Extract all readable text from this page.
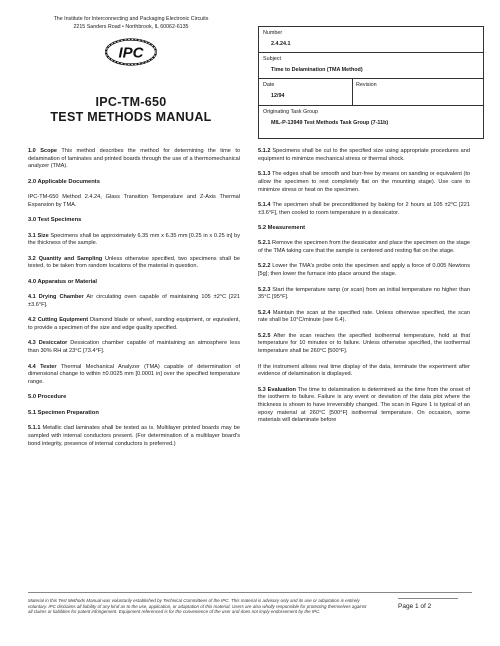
The Institute for Interconnecting and Packaging Electronic Circuits
2215 Sanders Road • Northbrook, IL 60062-6135
IPC
IPC-TM-650
TEST METHODS MANUAL
Number
2.4.24.1
Subject
Time to Delamination (TMA Method)
Date
12/94
Revision
Originating Task Group
MIL-P-13949 Test Methods Task Group (7-11b)

1.0 Scope This method describes the method for determining the time to delamination of laminates and printed boards through the use of a thermomechanical analyzer (TMA).

2.0 Applicable Documents

IPC-TM-650 Method 2.4.24, Glass Transition Temperature and Z-Axis Thermal Expansion by TMA.

3.0 Test Specimens

3.1 Size Specimens shall be approximately 6.35 mm x 6.35 mm [0.25 in x 0.25 in] by the thickness of the sample.

3.2 Quantity and Sampling Unless otherwise specified, two specimens shall be tested, to be taken from random locations of the material in question.

4.0 Apparatus or Material

4.1 Drying Chamber Air circulating oven capable of maintaining 105 ±2°C [221 ±3.6°F].

4.2 Cutting Equipment Diamond blade or wheel, sanding equipment, or equivalent, to provide a specimen of the size and edge quality specified.

4.3 Desiccator Dessication chamber capable of maintaining an atmosphere less than 30% RH at 23°C [73.4°F].

4.4 Tester Thermal Mechanical Analyzer (TMA) capable of determination of dimensional change to within ±0.0025 mm [0.0001 in] over the specified temperature range.

5.0 Procedure
5.1 Specimen Preparation

5.1.1 Metallic clad laminates shall be tested as is. Multilayer printed boards may be sampled with internal conductors present. (For determination of a multilayer board's bond integrity, presence of internal conductors is preferred.)

5.1.2 Specimens shall be cut to the specified size using appropriate procedures and equipment to minimize mechanical stress or thermal shock.

5.1.3 The edges shall be smooth and burr-free by means on sanding or equivalent (to allow the specimen to rest completely flat on the mounting stage). Use care to minimize stress or heat on the specimen.

5.1.4 The specimen shall be preconditioned by baking for 2 hours at 105 ±2°C [221 ±3.6°F], then cooled to room temperature in a dessicator.

5.2 Measurement

5.2.1 Remove the specimen from the dessicator and place the specimen on the stage of the TMA taking care that the sample is centered and resting flat on the stage.

5.2.2 Lower the TMA's probe onto the specimen and apply a force of 0.005 Newtons [5g]; then lower the furnace into place around the stage.

5.2.3 Start the temperature ramp (or scan) from an initial temperature no higher than 35°C [95°F].

5.2.4 Maintain the scan at the specified rate. Unless otherwise specified, the scan rate shall be 10°C/minute (see 6.4).

5.2.5 After the scan reaches the specified isothermal temperature, hold at that temperature for 10 minutes or to failure. Unless otherwise specified, the isothermal temperature shall be 260°C [500°F].

If the instrument allows real time display of the data, terminate the experiment after evidence of delamination is displayed.

5.3 Evaluation The time to delamination is determined as the time from the onset of the isotherm to failure. Failure is any event or deviation of the data plot where the thickness is shown to have irreversibly changed. The scan in Figure 1 is typical of an epoxy material at 260°C [500°F] isothermal temperature. On occasion, some materials will delaminate before

Material in this Test Methods Manual was voluntarily established by Technical Committees of the IPC. This material is advisory only and its use or adaptation is entirely voluntary. IPC disclaims all liability of any kind as to the use, application, or adaptation of this material. Users are also wholly responsible for protecting themselves against all claims or liabilities for patent infringement. Equipment referenced is for the convenience of the user and does not imply endorsement by the IPC.
Page 1 of 2
